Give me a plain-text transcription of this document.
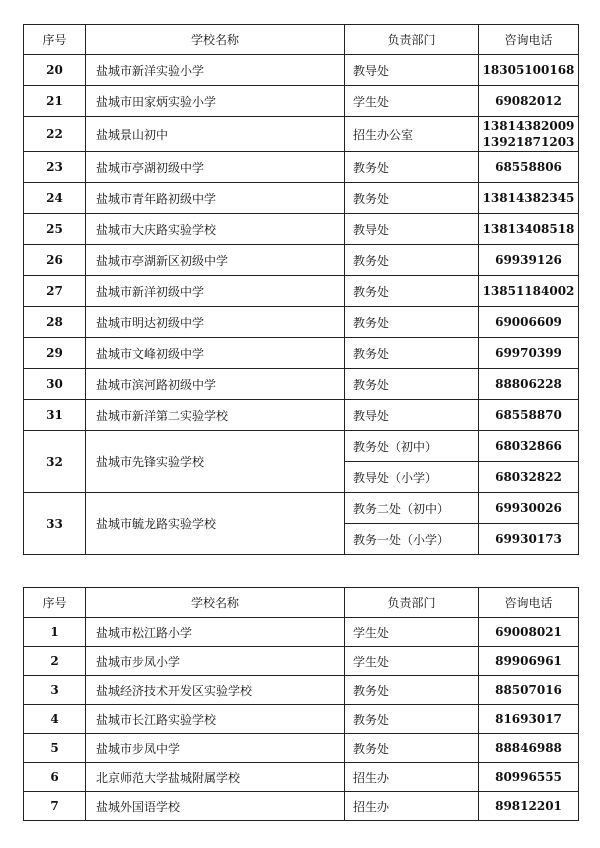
序号	学校名称	负责部门	咨询电话
20	盐城市新洋实验小学	教导处	18305100168

21	盐城市田家炳实验小学	学生处	69082012

22	盐城景山初中	招生办公室	13814382009
13921871203

23	盐城市亭湖初级中学	教务处	68558806

24	盐城市青年路初级中学	教务处	13814382345

25	盐城市大庆路实验学校	教导处	13813408518

26	盐城市亭湖新区初级中学	教务处	69939126

27	盐城市新洋初级中学	教务处	13851184002

28	盐城市明达初级中学	教务处	69006609

29	盐城市文峰初级中学	教务处	69970399

30	盐城市滨河路初级中学	教务处	88806228

31	盐城市新洋第二实验学校	教导处	68558870

32	盐城市先锋实验学校	教务处（初中）	68032866

		教导处（小学）	68032822

33	盐城市毓龙路实验学校	教务二处（初中）	69930026

		教务一处（小学）	69930173
序号	学校名称	负责部门	咨询电话
1	盐城市松江路小学	学生处	69008021

2	盐城市步凤小学	学生处	89906961

3	盐城经济技术开发区实验学校	教务处	88507016

4	盐城市长江路实验学校	教务处	81693017

5	盐城市步凤中学	教务处	88846988

6	北京师范大学盐城附属学校	招生办	80996555

7	盐城外国语学校	招生办	89812201
